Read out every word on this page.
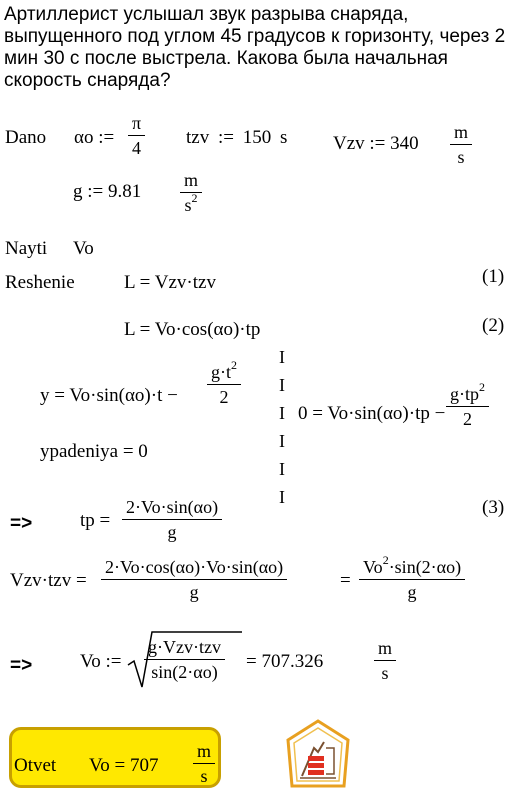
Артиллерист услышал звук разрыва снаряда, выпущенного под углом 45 градусов к горизонту, через 2 мин 30 с после выстрела. Какова была начальная скорость снаряда?
Dano αo := $\frac{\pi}{4}$ tzv := 150 s Vzv := $340 \frac{m}{s}$
g := $9.81 \frac{m}{s^2}$
Nayti Vo
Reshenie	L = Vzv·tzv	(1)
L = Vo·cos(αo)·tp	(2)
$y = Vo\cdot\sin(\alpha o)\cdot t - \frac{g\cdot t^2}{2}$
ypadeniya = 0
I
I
I
I
I
I
$0 = Vo\cdot\sin(\alpha o)\cdot tp - \frac{g\cdot tp^2}{2}$
=>	tp = $\frac{2\cdot Vo\cdot\sin(\alpha o)}{g}$	(3)
$Vzv\cdot tzv = \frac{2\cdot Vo\cdot\cos(\alpha o)\cdot Vo\cdot\sin(\alpha o)}{g}$	= $\frac{Vo^2\cdot\sin(2\cdot\alpha o)}{g}$
=>	Vo :=
g·Vzv·tzv
sin(2·αo)	= 707.326	$\frac{m}{s}$
Otvet $Vo = 707 \frac{m}{s}$
